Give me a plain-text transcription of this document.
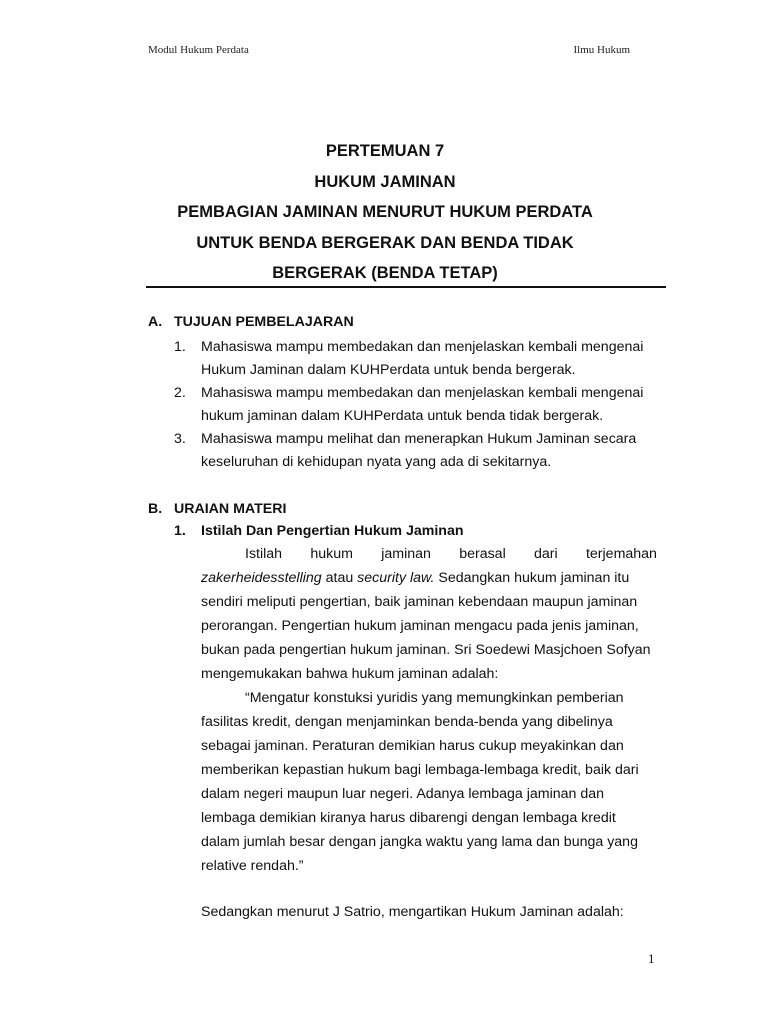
Modul Hukum Perdata	Ilmu Hukum
PERTEMUAN 7
HUKUM JAMINAN
PEMBAGIAN JAMINAN MENURUT HUKUM PERDATA
UNTUK BENDA BERGERAK DAN BENDA TIDAK
BERGERAK (BENDA TETAP)
A. TUJUAN PEMBELAJARAN
1. Mahasiswa mampu membedakan dan menjelaskan kembali mengenai
Hukum Jaminan dalam KUHPerdata untuk benda bergerak.
2. Mahasiswa mampu membedakan dan menjelaskan kembali mengenai
hukum jaminan dalam KUHPerdata untuk benda tidak bergerak.
3. Mahasiswa mampu melihat dan menerapkan Hukum Jaminan secara
keseluruhan di kehidupan nyata yang ada di sekitarnya.
B. URAIAN MATERI
1. Istilah Dan Pengertian Hukum Jaminan
Istilah hukum jaminan berasal dari terjemahan
zakerheidesstelling atau security law. Sedangkan hukum jaminan itu
sendiri meliputi pengertian, baik jaminan kebendaan maupun jaminan
perorangan. Pengertian hukum jaminan mengacu pada jenis jaminan,
bukan pada pengertian hukum jaminan. Sri Soedewi Masjchoen Sofyan
mengemukakan bahwa hukum jaminan adalah:
“Mengatur konstuksi yuridis yang memungkinkan pemberian
fasilitas kredit, dengan menjaminkan benda-benda yang dibelinya
sebagai jaminan. Peraturan demikian harus cukup meyakinkan dan
memberikan kepastian hukum bagi lembaga-lembaga kredit, baik dari
dalam negeri maupun luar negeri. Adanya lembaga jaminan dan
lembaga demikian kiranya harus dibarengi dengan lembaga kredit
dalam jumlah besar dengan jangka waktu yang lama dan bunga yang
relative rendah.”
Sedangkan menurut J Satrio, mengartikan Hukum Jaminan adalah:
1
